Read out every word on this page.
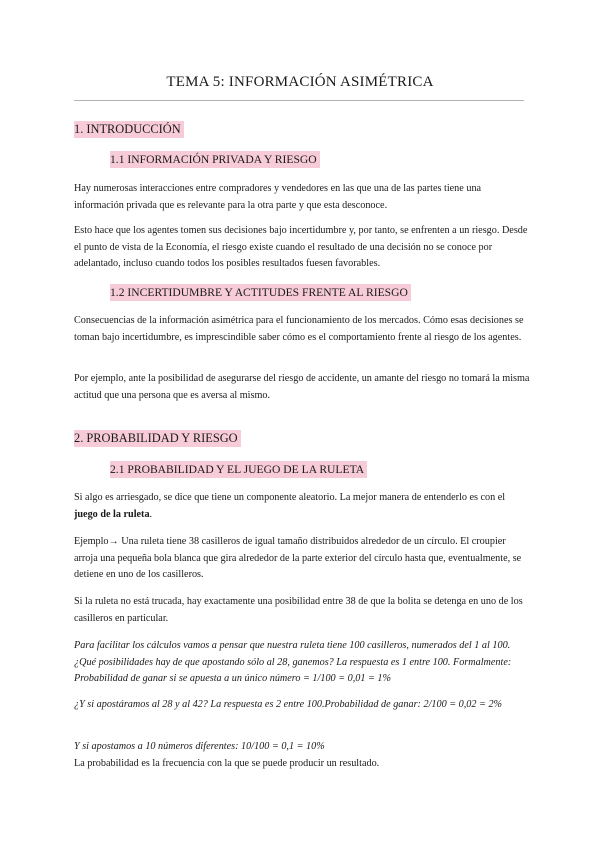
TEMA 5: INFORMACIÓN ASIMÉTRICA
1. INTRODUCCIÓN
1.1 INFORMACIÓN PRIVADA Y RIESGO
Hay numerosas interacciones entre compradores y vendedores en las que una de las partes tiene una información privada que es relevante para la otra parte y que esta desconoce.
Esto hace que los agentes tomen sus decisiones bajo incertidumbre y, por tanto, se enfrenten a un riesgo. Desde el punto de vista de la Economía, el riesgo existe cuando el resultado de una decisión no se conoce por adelantado, incluso cuando todos los posibles resultados fuesen favorables.
1.2 INCERTIDUMBRE Y ACTITUDES FRENTE AL RIESGO
Consecuencias de la información asimétrica para el funcionamiento de los mercados. Cómo esas decisiones se toman bajo incertidumbre, es imprescindible saber cómo es el comportamiento frente al riesgo de los agentes.
Por ejemplo, ante la posibilidad de asegurarse del riesgo de accidente, un amante del riesgo no tomará la misma actitud que una persona que es aversa al mismo.
2. PROBABILIDAD Y RIESGO
2.1 PROBABILIDAD Y EL JUEGO DE LA RULETA
Si algo es arriesgado, se dice que tiene un componente aleatorio. La mejor manera de entenderlo es con el juego de la ruleta.
Ejemplo→ Una ruleta tiene 38 casilleros de igual tamaño distribuidos alrededor de un círculo. El croupier arroja una pequeña bola blanca que gira alrededor de la parte exterior del círculo hasta que, eventualmente, se detiene en uno de los casilleros.
Si la ruleta no está trucada, hay exactamente una posibilidad entre 38 de que la bolita se detenga en uno de los casilleros en particular.
Para facilitar los cálculos vamos a pensar que nuestra ruleta tiene 100 casilleros, numerados del 1 al 100. ¿Qué posibilidades hay de que apostando sólo al 28, ganemos? La respuesta es 1 entre 100. Formalmente: Probabilidad de ganar si se apuesta a un único número = 1/100 = 0,01 = 1%
¿Y si apostáramos al 28 y al 42? La respuesta es 2 entre 100.Probabilidad de ganar: 2/100 = 0,02 = 2%
Y si apostamos a 10 números diferentes: 10/100 = 0,1 = 10%
La probabilidad es la frecuencia con la que se puede producir un resultado.
